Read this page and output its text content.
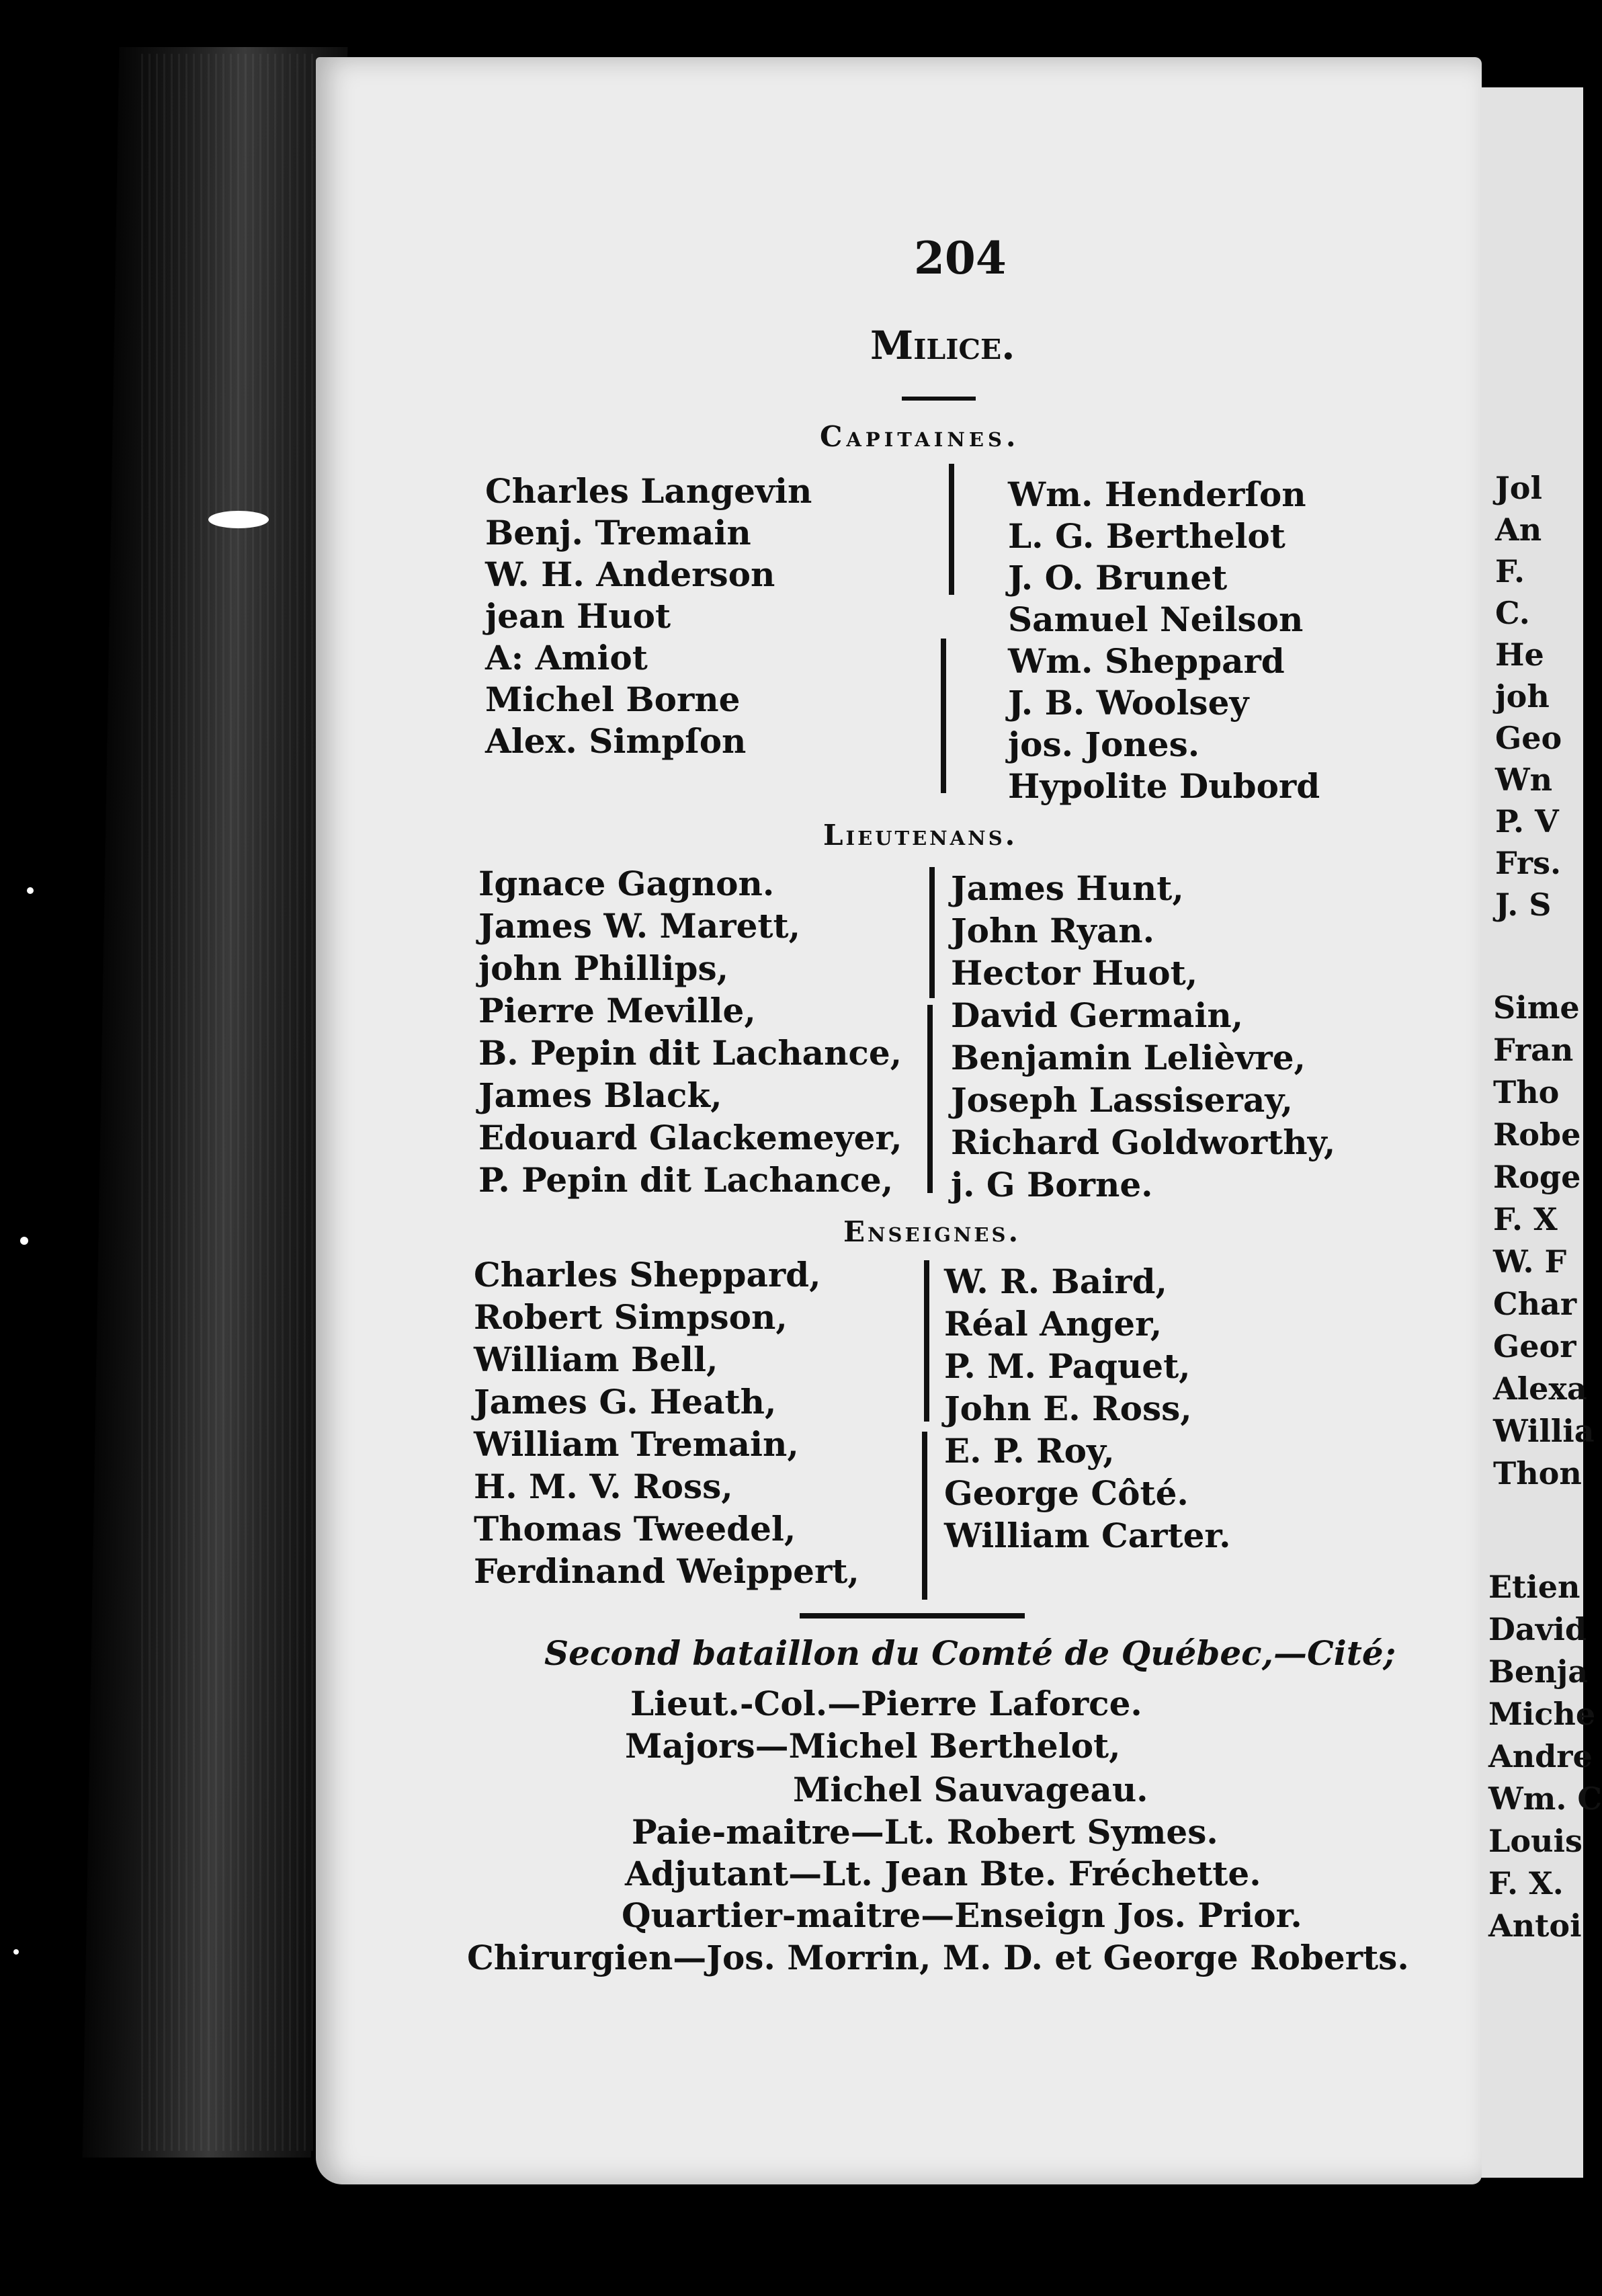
204
Milice.
Capitaines.
Charles Langevin
Benj. Tremain
W. H. Anderson
jean Huot
A: Amiot
Michel Borne
Alex. Simpſon
Wm. Henderſon
L. G. Berthelot
J. O. Brunet
Samuel Neilson
Wm. Sheppard
J. B. Woolsey
jos. Jones.
Hypolite Dubord
Lieutenans.
Ignace Gagnon.
James W. Marett,
john Phillips,
Pierre Meville,
B. Pepin dit Lachance,
James Black,
Edouard Glackemeyer,
P. Pepin dit Lachance,
James Hunt,
John Ryan.
Hector Huot,
David Germain,
Benjamin Lelièvre,
Joseph Lassiseray,
Richard Goldworthy,
j. G Borne.
Enseignes.
Charles Sheppard,
Robert Simpson,
William Bell,
James G. Heath,
William Tremain,
H. M. V. Ross,
Thomas Tweedel,
Ferdinand Weippert,
W. R. Baird,
Réal Anger,
P. M. Paquet,
John E. Ross,
E. P. Roy,
George Côté.
William Carter.
Second bataillon du Comté de Québec,—Cité;
Lieut.-Col.—Pierre Laforce.
Majors—Michel Berthelot,
Michel Sauvageau.
Paie-maitre—Lt. Robert Symes.
Adjutant—Lt. Jean Bte. Fréchette.
Quartier-maitre—Enseign Jos. Prior.
Chirurgien—Jos. Morrin, M. D. et George Roberts.
Jol
An
F.
C.
He
joh
Geo
Wn
P. V
Frs.
J. S
Sime
Fran
Tho
Robe
Roge
F. X
W. F
Char
Geor
Alexa
Willia
Thon
Etien
David
Benja
Miche
Andre
Wm. C
Louis
F. X.
Antoi
